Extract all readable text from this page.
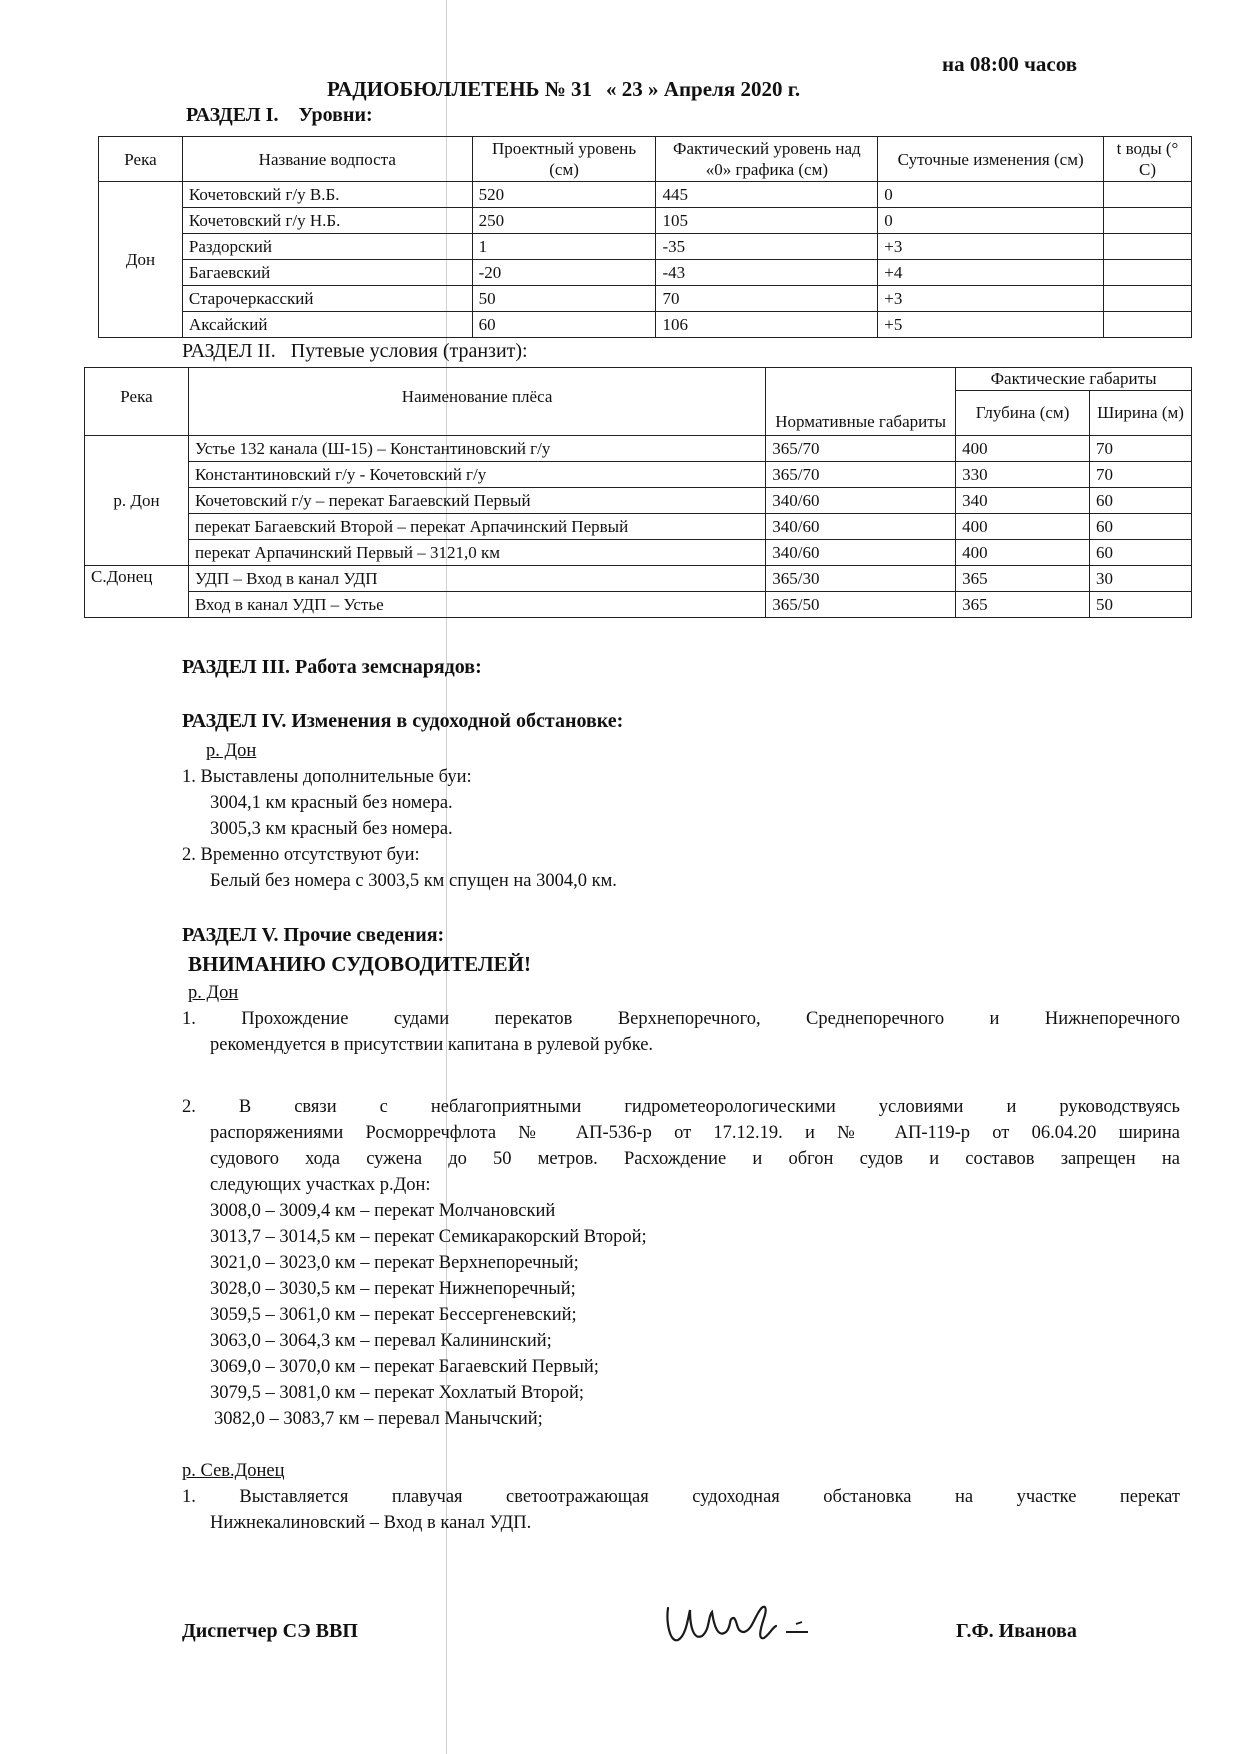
РАДИОБЮЛЛЕТЕНЬ № 31 « 23 » Апреля 2020 г.

на 08:00 часов

РАЗДЕЛ I. Уровни:
Река	Название водпоста	Проектный уровень (см)	Фактический уровень над «0» графика (см)	Суточные изменения (см)	t воды (° C)
Дон	Кочетовский г/у В.Б.	520	445	0	
	Кочетовский г/у Н.Б.	250	105	0	
	Раздорский	1	-35	+3	
	Багаевский	-20	-43	+4	
	Старочеркасский	50	70	+3	
	Аксайский	60	106	+5	
РАЗДЕЛ II. Путевые условия (транзит):
Река	Наименование плёса	Нормативные габариты	Фактические габариты	
			Глубина (см)	Ширина (м)
р. Дон	Устье 132 канала (Ш-15) – Константиновский г/у	365/70	400	70
	Константиновский г/у - Кочетовский г/у	365/70	330	70
	Кочетовский г/у – перекат Багаевский Первый	340/60	340	60
	перекат Багаевский Второй – перекат Арпачинский Первый	340/60	400	60
	перекат Арпачинский Первый – 3121,0 км	340/60	400	60
С.Донец	УДП – Вход в канал УДП	365/30	365	30
	Вход в канал УДП – Устье	365/50	365	50
РАЗДЕЛ III. Работа земснарядов:
РАЗДЕЛ IV. Изменения в судоходной обстановке:
р. Дон
1. Выставлены дополнительные буи:
3004,1 км красный без номера.
3005,3 км красный без номера.
2. Временно отсутствуют буи:
Белый без номера с 3003,5 км спущен на 3004,0 км.
РАЗДЕЛ V. Прочие сведения:
ВНИМАНИЮ СУДОВОДИТЕЛЕЙ!
р. Дон
1. Прохождение судами перекатов Верхнепоречного, Среднепоречного и Нижнепоречного
рекомендуется в присутствии капитана в рулевой рубке.
2. В связи с неблагоприятными гидрометеорологическими условиями и руководствуясь
распоряжениями Росморречфлота № АП-536-р от 17.12.19. и № АП-119-р от 06.04.20 ширина
судового хода сужена до 50 метров. Расхождение и обгон судов и составов запрещен на
следующих участках р.Дон:
3008,0 – 3009,4 км – перекат Молчановский
3013,7 – 3014,5 км – перекат Семикаракорский Второй;
3021,0 – 3023,0 км – перекат Верхнепоречный;
3028,0 – 3030,5 км – перекат Нижнепоречный;
3059,5 – 3061,0 км – перекат Бессергеневский;
3063,0 – 3064,3 км – перевал Калининский;
3069,0 – 3070,0 км – перекат Багаевский Первый;
3079,5 – 3081,0 км – перекат Хохлатый Второй;
3082,0 – 3083,7 км – перевал Манычский;
р. Сев.Донец
1. Выставляется плавучая светоотражающая судоходная обстановка на участке перекат
Нижнекалиновский – Вход в канал УДП.
Диспетчер СЭ ВВП	Г.Ф. Иванова
